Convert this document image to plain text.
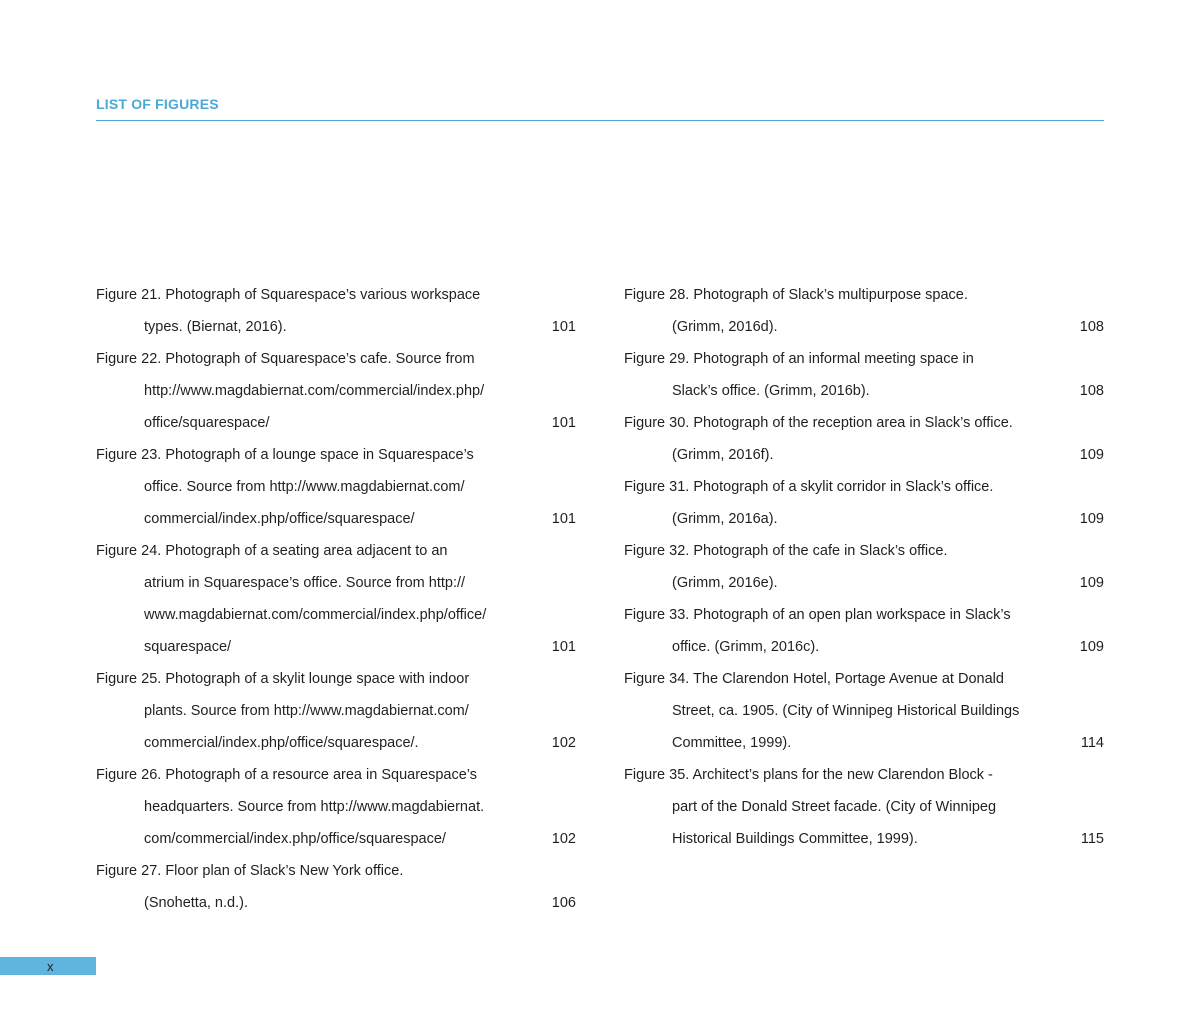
LIST OF FIGURES
Figure 21. Photograph of Squarespace’s various workspace
types. (Biernat, 2016).	101
Figure 22. Photograph of Squarespace’s cafe. Source from
http://www.magdabiernat.com/commercial/index.php/
office/squarespace/	101
Figure 23. Photograph of a lounge space in Squarespace’s
office. Source from http://www.magdabiernat.com/
commercial/index.php/office/squarespace/	101
Figure 24. Photograph of a seating area adjacent to an
atrium in Squarespace’s office. Source from http://
www.magdabiernat.com/commercial/index.php/office/
squarespace/	101
Figure 25. Photograph of a skylit lounge space with indoor
plants. Source from http://www.magdabiernat.com/
commercial/index.php/office/squarespace/.	102
Figure 26. Photograph of a resource area in Squarespace’s
headquarters. Source from http://www.magdabiernat.
com/commercial/index.php/office/squarespace/	102
Figure 27. Floor plan of Slack’s New York office.
(Snohetta, n.d.).	106
Figure 28. Photograph of Slack’s multipurpose space.
(Grimm, 2016d).	108
Figure 29. Photograph of an informal meeting space in
Slack’s office. (Grimm, 2016b).	108
Figure 30. Photograph of the reception area in Slack’s office.
(Grimm, 2016f).	109
Figure 31. Photograph of a skylit corridor in Slack’s office.
(Grimm, 2016a).	109
Figure 32. Photograph of the cafe in Slack’s office.
(Grimm, 2016e).	109
Figure 33. Photograph of an open plan workspace in Slack’s
office. (Grimm, 2016c).	109
Figure 34. The Clarendon Hotel, Portage Avenue at Donald
Street, ca. 1905. (City of Winnipeg Historical Buildings
Committee, 1999).	114
Figure 35. Architect’s plans for the new Clarendon Block -
part of the Donald Street facade. (City of Winnipeg
Historical Buildings Committee, 1999).	115
x
